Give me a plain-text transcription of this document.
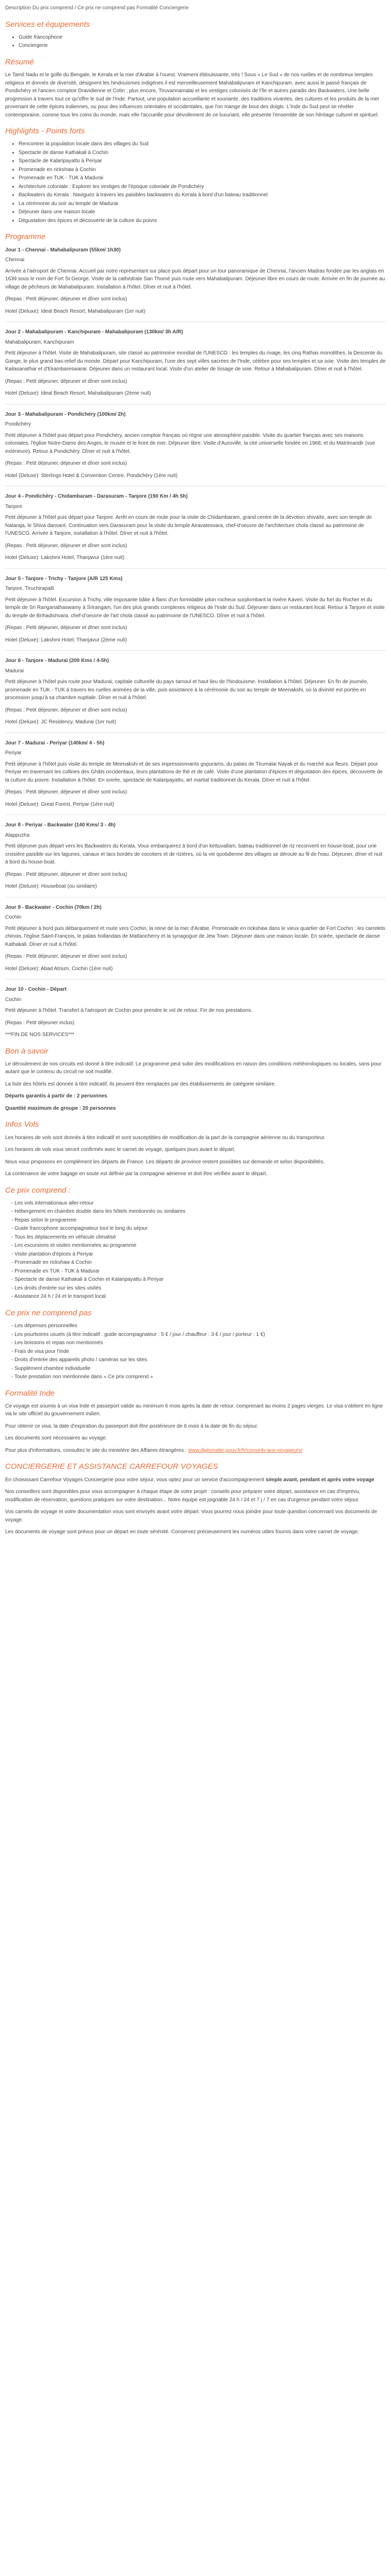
Description Du prix comprend / Ce prix ne comprend pas Formalité Conciergerie
Services et équipements
• Guide francophone
• Conciergerie
Résumé

Le Tamil Nadu et le golfe du Bengale, le Kerala et la mer d'Arabie à l'ouest. Vraiment éblouissante, très ! Sous « Le Sud » de nos ruelles et de nombreux temples religieux et donnés de diversité, désignent les hindouismes indigènes il est merveilleusement Mahabalipuram et Kanchipuram, avec aussi le passé français de Pondichéry et l'ancien comptoir Dravidienne et Cotin ; plus encore, Tiruvannamalai et les vestiges colonisés de l'île et autres paradis des Backwaters. Une belle progression à travers tout ce qu'offre le sud de l'Inde. Partout, une population accueillante et souriante, des traditions vivantes, des cultures et les produits de la mer provenant de cette épices indiennes, ou pour des influences orientales et occidentales, que l'on mange de bout des doigts. L'Inde du Sud peut se révéler contemporaine, comme tous les coins du monde, mais elle l'accueille pour dévoilement de ce luxuriant, elle présente l'ensemble de son héritage culturel et spirituel.

Highlights - Points forts
• Rencontrer la population locale dans des villages du Sud
• Spectacle de danse Kathakali à Cochin
• Spectacle de Kalaripayattu à Periyar
• Promenade en rickshaw à Cochin
• Promenade en TUK - TUK à Madurai
• Architecture coloniale : Explorer les vestiges de l'époque coloniale de Pondichéry
• Backwaters du Kerala : Naviguez à travers les paisibles backwaters du Kerala à bord d'un bateau traditionnel
• La cérémonie du soir au temple de Madurai
• Déjeuner dans une maison locale
• Dégustation des épices et découverte de la culture du poivre
Programme
Jour 1 - Chennai - Mahabalipuram (55km/ 1h30)
Chennai

Arrivée à l'aéroport de Chennai. Accueil par notre représentant sur place puis départ pour un tour panoramique de Chennai, l'ancien Madras fondée par les anglais en 1639 sous le nom de Fort St George. Visite de la cathédrale San Thomé puis route vers Mahabalipuram. Déjeuner libre en cours de route. Arrivée en fin de journée au village de pêcheurs de Mahabalipuram. Installation à l'hôtel. Dîner et nuit à l'hôtel.

(Repas : Petit déjeuner, déjeuner et dîner sont inclus)

Hotel (Deluxe): Ideal Beach Resort, Mahabalipuram (1er nuit)
Jour 2 - Mahabalipuram - Kanchipuram - Mahabalipuram (130km/ 3h A/R)
Mahabalipuram, Kanchipuram

Petit déjeuner à l'hôtel. Visite de Mahabalipuram, site classé au patrimoine mondial de l'UNESCO : les temples du rivage, les cinq Rathas monolithes, la Descente du Gange, le plus grand bas-relief du monde. Départ pour Kanchipuram, l'une des sept villes sacrées de l'Inde, célèbre pour ses temples et sa soie. Visite des temples de Kailasanathar et d'Ekambareswarar. Déjeuner dans un restaurant local. Visite d'un atelier de tissage de soie. Retour à Mahabalipuram. Dîner et nuit à l'hôtel.

(Repas : Petit déjeuner, déjeuner et dîner sont inclus)

Hotel (Deluxe): Ideal Beach Resort, Mahabalipuram (2ème nuit)
Jour 3 - Mahabalipuram - Pondichéry (100km/ 2h)
Pondichéry

Petit déjeuner à l'hôtel puis départ pour Pondichéry, ancien comptoir français où règne une atmosphère paisible. Visite du quartier français avec ses maisons coloniales, l'église Notre-Dame des Anges, le musée et le front de mer. Déjeuner libre. Visite d'Auroville, la cité universelle fondée en 1968, et du Matrimandir (vue extérieure). Retour à Pondichéry. Dîner et nuit à l'hôtel.

(Repas : Petit déjeuner, déjeuner et dîner sont inclus)

Hotel (Deluxe): Sterlings Hotel & Convention Centre, Pondichéry (1ère nuit)
Jour 4 - Pondichéry - Chidambaram - Darasuram - Tanjore (190 Km / 4h 5h)
Tanjore

Petit déjeuner à l'hôtel puis départ pour Tanjore. Arrêt en cours de route pour la visite de Chidambaram, grand centre de la dévotion shivaïte, avec son temple de Nataraja, le Shiva dansant. Continuation vers Darasuram pour la visite du temple Airavatesvara, chef-d'oeuvre de l'architecture chola classé au patrimoine de l'UNESCO. Arrivée à Tanjore, installation à l'hôtel. Dîner et nuit à l'hôtel.

(Repas : Petit déjeuner, déjeuner et dîner sont inclus)

Hotel (Deluxe): Lakshmi Hotel, Thanjavur (1ère nuit)
Jour 5 - Tanjore - Trichy - Tanjore (A/R 125 Kms)
Tanjore, Tiruchirapalli

Petit déjeuner à l'hôtel. Excursion à Trichy, ville imposante bâtie à flanc d'un formidable piton rocheux surplombant la rivière Kaveri. Visite du fort du Rocher et du temple de Sri Ranganathaswamy à Srirangam, l'un des plus grands complexes religieux de l'Inde du Sud. Déjeuner dans un restaurant local. Retour à Tanjore et visite du temple de Brihadishvara, chef-d'oeuvre de l'art chola classé au patrimoine de l'UNESCO. Dîner et nuit à l'hôtel.

(Repas : Petit déjeuner, déjeuner et dîner sont inclus)

Hotel (Deluxe): Lakshmi Hotel, Thanjavur (2ème nuit)
Jour 6 - Tanjore - Madurai (200 Kms / 4-5h)
Madurai

Petit déjeuner à l'hôtel puis route pour Madurai, capitale culturelle du pays tamoul et haut lieu de l'hindouisme. Installation à l'hôtel. Déjeuner. En fin de journée, promenade en TUK - TUK à travers les ruelles animées de la ville, puis assistance à la cérémonie du soir au temple de Meenakshi, où la divinité est portée en procession jusqu'à sa chambre nuptiale. Dîner et nuit à l'hôtel.

(Repas : Petit déjeuner, déjeuner et dîner sont inclus)

Hotel (Deluxe): JC Residency, Madurai (1er nuit)
Jour 7 - Madurai - Periyar (140km/ 4 - 5h)
Periyar

Petit déjeuner à l'hôtel puis visite du temple de Meenakshi et de ses impressionnants gopurams, du palais de Tirumalai Nayak et du marché aux fleurs. Départ pour Periyar en traversant les collines des Ghâts occidentaux, leurs plantations de thé et de café. Visite d'une plantation d'épices et dégustation des épices, découverte de la culture du poivre. Installation à l'hôtel. En soirée, spectacle de Kalaripayattu, art martial traditionnel du Kerala. Dîner et nuit à l'hôtel.

(Repas : Petit déjeuner, déjeuner et dîner sont inclus)

Hotel (Deluxe): Great Forest, Periyar (1ère nuit)
Jour 8 - Periyar - Backwater (140 Kms/ 3 - 4h)
Alappuzha

Petit déjeuner puis départ vers les Backwaters du Kerala. Vous embarquerez à bord d'un kettuvallam, bateau traditionnel de riz reconverti en house-boat, pour une croisière paisible sur les lagunes, canaux et lacs bordés de cocotiers et de rizières, où la vie quotidienne des villages se déroule au fil de l'eau. Déjeuner, dîner et nuit à bord du house-boat.

(Repas : Petit déjeuner, déjeuner et dîner sont inclus)

Hotel (Deluxe): Houseboat (ou similaire)
Jour 9 - Backwater - Cochin (70km / 2h)
Cochin

Petit déjeuner à bord puis débarquement et route vers Cochin, la reine de la mer d'Arabie. Promenade en rickshaw dans le vieux quartier de Fort Cochin : les carrelets chinois, l'église Saint-François, le palais hollandais de Mattancherry et la synagogue de Jew Town. Déjeuner dans une maison locale. En soirée, spectacle de danse Kathakali. Dîner et nuit à l'hôtel.

(Repas : Petit déjeuner, déjeuner et dîner sont inclus)

Hotel (Deluxe): Abad Atrium, Cochin (1ère nuit)
Jour 10 - Cochin - Départ
Cochin

Petit déjeuner à l'hôtel. Transfert à l'aéroport de Cochin pour prendre le vol de retour. Fin de nos prestations.

(Repas : Petit déjeuner inclus)

***FIN DE NOS SERVICES***

Bon à savoir

Le déroulement de nos circuits est donné à titre indicatif. Le programme peut subir des modifications en raison des conditions météorologiques ou locales, sans pour autant que le contenu du circuit ne soit modifié.

La liste des hôtels est donnée à titre indicatif, ils peuvent être remplacés par des établissements de catégorie similaire.

Départs garantis à partir de : 2 personnes

Quantité maximum de groupe : 20 personnes

Infos Vols

Les horaires de vols sont donnés à titre indicatif et sont susceptibles de modification de la part de la compagnie aérienne ou du transporteur.

Les horaires de vols vous seront confirmés avec le carnet de voyage, quelques jours avant le départ.

Nous vous proposons en complément les départs de France. Les départs de province restent possibles sur demande et selon disponibilités.

La contenance de votre bagage en soute est définie par la compagnie aérienne et doit être vérifiée avant le départ.

Ce prix comprend :
- Les vols internationaux aller-retour
- Hébergement en chambre double dans les hôtels mentionnés ou similaires
- Repas selon le programme
- Guide francophone accompagnateur tout le long du séjour
- Tous les déplacements en véhicule climatisé
- Les excursions et visites mentionnées au programme
- Visite plantation d'épices à Periyar
- Promenade en rickshaw à Cochin
- Promenade en TUK - TUK à Madurai
- Spectacle de danse Kathakali à Cochin et Kalaripayattu à Periyar
- Les droits d'entrée sur les sites visités
- Assistance 24 h / 24 et le transport local
Ce prix ne comprend pas
- Les dépenses personnelles
- Les pourboires usuels (à titre indicatif : guide accompagnateur : 5 € / jour / chauffeur : 3 € / jour / porteur : 1 €)
- Les boissons et repas non mentionnés
- Frais de visa pour l'Inde
- Droits d'entrée des appareils photo / caméras sur les sites
- Supplément chambre individuelle
- Toute prestation non mentionnée dans « Ce prix comprend »
Formalité Inde

Ce voyage est soumis à un visa Inde et passeport valide au minimum 6 mois après la date de retour, comprenant au moins 2 pages vierges. Le visa s'obtient en ligne via le site officiel du gouvernement indien.

Pour obtenir ce visa, la date d'expiration du passeport doit être postérieure de 6 mois à la date de fin du séjour.

Les documents sont nécessaires au voyage.

Pour plus d'informations, consultez le site du ministère des Affaires étrangères : www.diplomatie.gouv.fr/fr/conseils-aux-voyageurs/

CONCIERGERIE ET ASSISTANCE CARREFOUR VOYAGES

En choisissant Carrefour Voyages Conciergerie pour votre séjour, vous optez pour un service d'accompagnement simple avant, pendant et après votre voyage

Nos conseillers sont disponibles pour vous accompagner à chaque étape de votre projet : conseils pour préparer votre départ, assistance en cas d'imprévu, modification de réservation, questions pratiques sur votre destination... Notre équipe est joignable 24 h / 24 et 7 j / 7 en cas d'urgence pendant votre séjour.

Vos carnets de voyage et votre documentation vous sont envoyés avant votre départ. Vous pourrez nous joindre pour toute question concernant vos documents de voyage.

Les documents de voyage sont prévus pour un départ en toute sérénité. Conservez précieusement les numéros utiles fournis dans votre carnet de voyage.
